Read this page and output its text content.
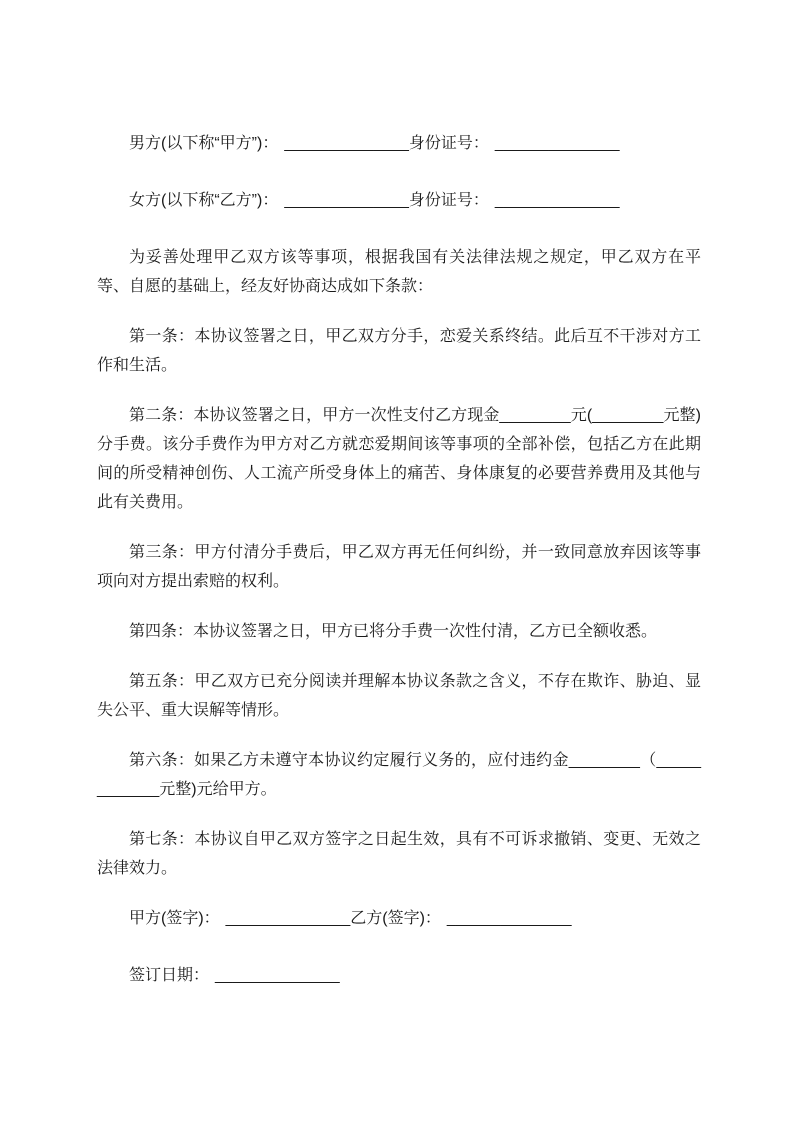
男方(以下称“甲方”)： ______________身份证号： ______________

女方(以下称“乙方”)： ______________身份证号： ______________

为妥善处理甲乙双方该等事项，根据我国有关法律法规之规定，甲乙双方在平等、自愿的基础上，经友好协商达成如下条款：

第一条：本协议签署之日，甲乙双方分手，恋爱关系终结。此后互不干涉对方工作和生活。

第二条：本协议签署之日，甲方一次性支付乙方现金________元(________元整)分手费。该分手费作为甲方对乙方就恋爱期间该等事项的全部补偿，包括乙方在此期间的所受精神创伤、人工流产所受身体上的痛苦、身体康复的必要营养费用及其他与此有关费用。

第三条：甲方付清分手费后，甲乙双方再无任何纠纷，并一致同意放弃因该等事项向对方提出索赔的权利。

第四条：本协议签署之日，甲方已将分手费一次性付清，乙方已全额收悉。

第五条：甲乙双方已充分阅读并理解本协议条款之含义，不存在欺诈、胁迫、显失公平、重大误解等情形。

第六条：如果乙方未遵守本协议约定履行义务的，应付违约金________（____________元整)元给甲方。

第七条：本协议自甲乙双方签字之日起生效，具有不可诉求撤销、变更、无效之法律效力。

甲方(签字)： ______________乙方(签字)： ______________

签订日期： ______________
